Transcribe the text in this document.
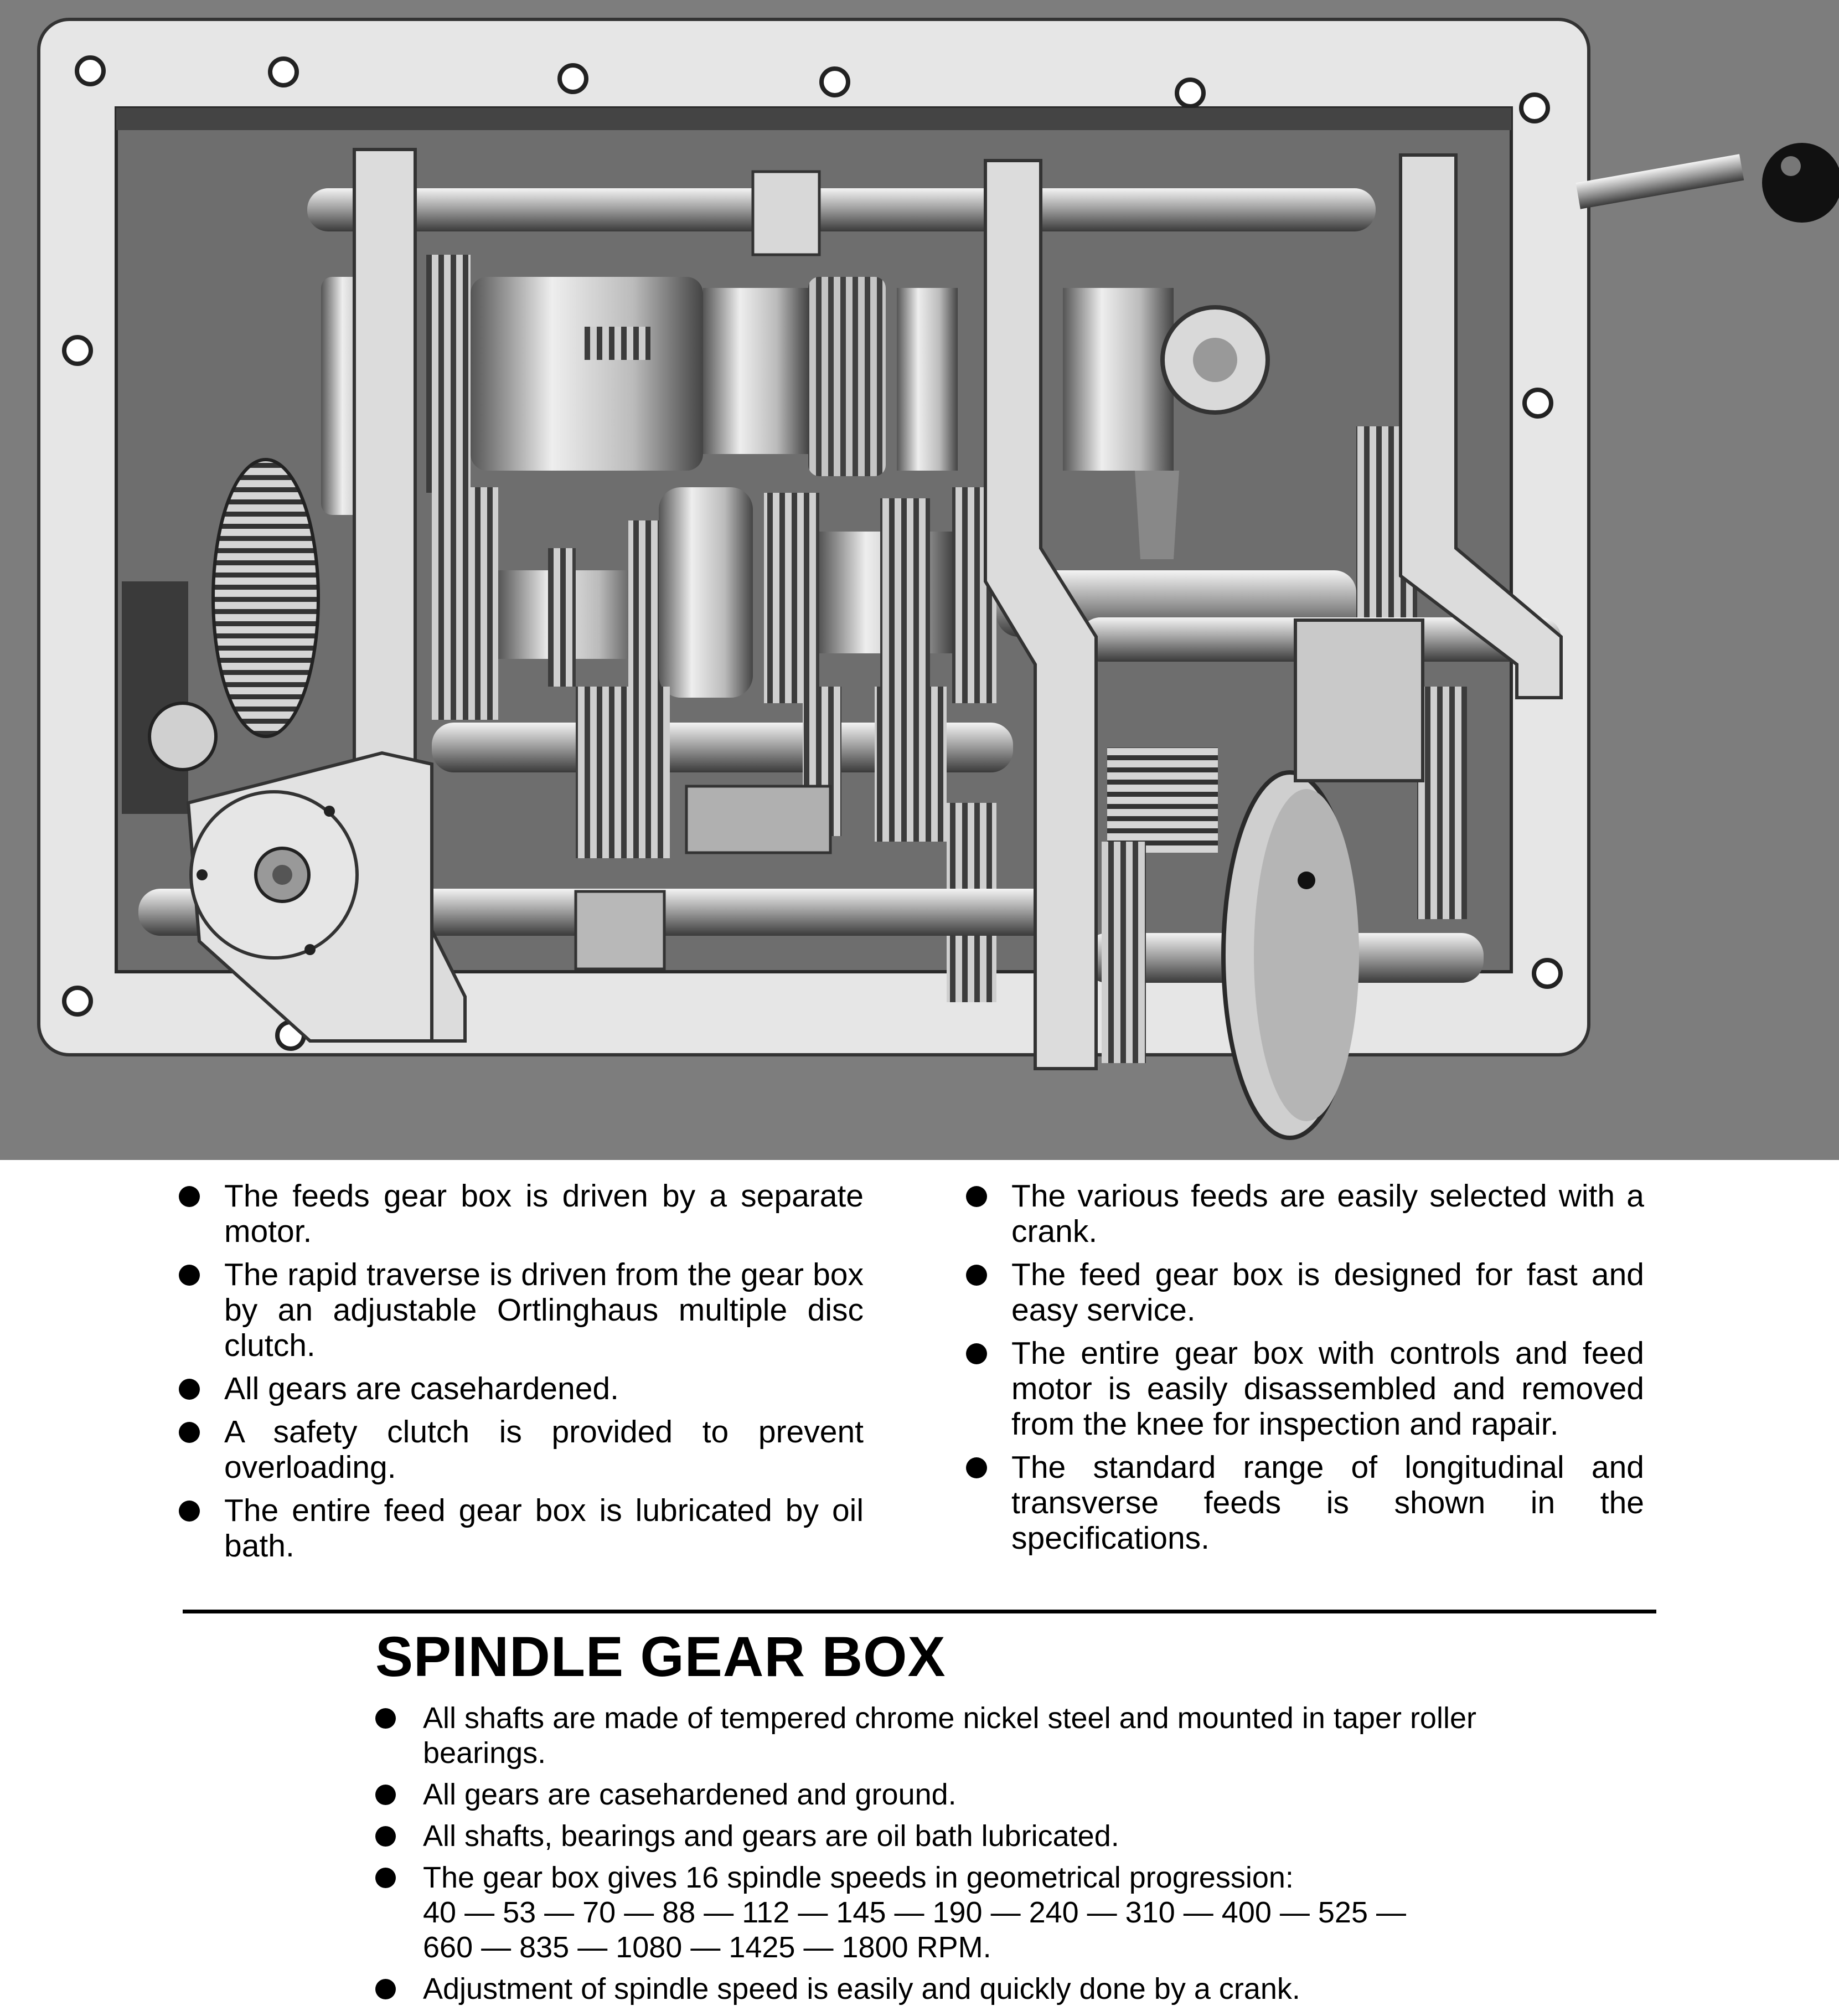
The feeds gear box is driven by a separate motor.
The rapid traverse is driven from the gear box by an adjustable Ortlinghaus multiple disc clutch.
All gears are casehardened.
A safety clutch is provided to prevent overloading.
The entire feed gear box is lubricated by oil bath.
The various feeds are easily selected with a crank.
The feed gear box is designed for fast and easy service.
The entire gear box with controls and feed motor is easily disassembled and removed from the knee for inspection and rapair.
The standard range of longitudinal and transverse feeds is shown in the specifications.
SPINDLE GEAR BOX
All shafts are made of tempered chrome nickel steel and mounted in taper roller bearings.
All gears are casehardened and ground.
All shafts, bearings and gears are oil bath lubricated.
The gear box gives 16 spindle speeds in geometrical progression:
40 — 53 — 70 — 88 — 112 — 145 — 190 — 240 — 310 — 400 — 525 —
660 — 835 — 1080 — 1425 — 1800 RPM.
Adjustment of spindle speed is easily and quickly done by a crank.
